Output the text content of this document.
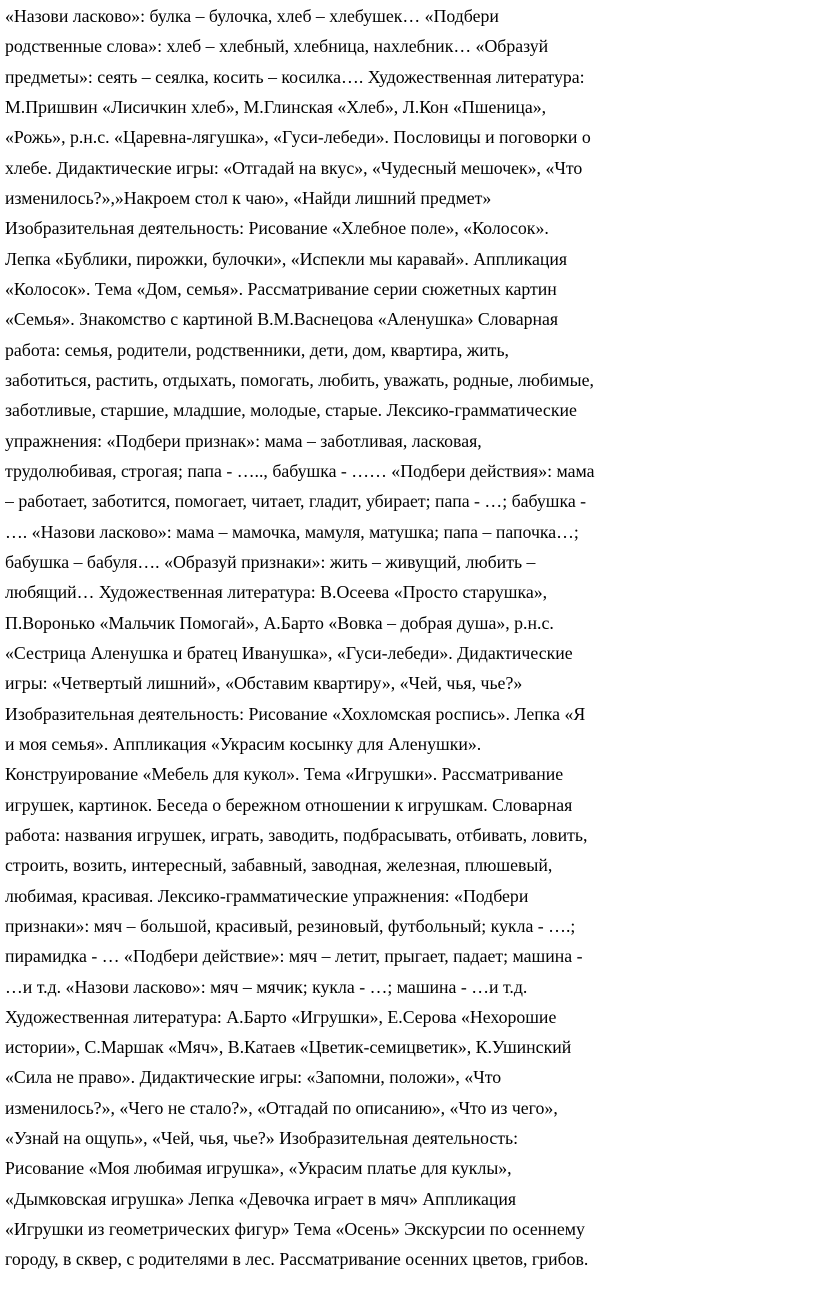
«Назови ласково»: булка – булочка, хлеб – хлебушек… «Подбери
родственные слова»: хлеб – хлебный, хлебница, нахлебник… «Образуй
предметы»: сеять – сеялка, косить – косилка…. Художественная литература:
М.Пришвин «Лисичкин хлеб», М.Глинская «Хлеб», Л.Кон «Пшеница»,
«Рожь», р.н.с. «Царевна-лягушка», «Гуси-лебеди». Пословицы и поговорки о
хлебе. Дидактические игры: «Отгадай на вкус», «Чудесный мешочек», «Что
изменилось?»,»Накроем стол к чаю», «Найди лишний предмет»
Изобразительная деятельность: Рисование «Хлебное поле», «Колосок».
Лепка «Бублики, пирожки, булочки», «Испекли мы каравай». Аппликация
«Колосок». Тема «Дом, семья». Рассматривание серии сюжетных картин
«Семья». Знакомство с картиной В.М.Васнецова «Аленушка» Словарная
работа: семья, родители, родственники, дети, дом, квартира, жить,
заботиться, растить, отдыхать, помогать, любить, уважать, родные, любимые,
заботливые, старшие, младшие, молодые, старые. Лексико-грамматические
упражнения: «Подбери признак»: мама – заботливая, ласковая,
трудолюбивая, строгая; папа - ….., бабушка - …… «Подбери действия»: мама
– работает, заботится, помогает, читает, гладит, убирает; папа - …; бабушка -
…. «Назови ласково»: мама – мамочка, мамуля, матушка; папа – папочка…;
бабушка – бабуля…. «Образуй признаки»: жить – живущий, любить –
любящий… Художественная литература: В.Осеева «Просто старушка»,
П.Воронько «Мальчик Помогай», А.Барто «Вовка – добрая душа», р.н.с.
«Сестрица Аленушка и братец Иванушка», «Гуси-лебеди». Дидактические
игры: «Четвертый лишний», «Обставим квартиру», «Чей, чья, чье?»
Изобразительная деятельность: Рисование «Хохломская роспись». Лепка «Я
и моя семья». Аппликация «Украсим косынку для Аленушки».
Конструирование «Мебель для кукол». Тема «Игрушки». Рассматривание
игрушек, картинок. Беседа о бережном отношении к игрушкам. Словарная
работа: названия игрушек, играть, заводить, подбрасывать, отбивать, ловить,
строить, возить, интересный, забавный, заводная, железная, плюшевый,
любимая, красивая. Лексико-грамматические упражнения: «Подбери
признаки»: мяч – большой, красивый, резиновый, футбольный; кукла - ….;
пирамидка - … «Подбери действие»: мяч – летит, прыгает, падает; машина -
…и т.д. «Назови ласково»: мяч – мячик; кукла - …; машина - …и т.д.
Художественная литература: А.Барто «Игрушки», Е.Серова «Нехорошие
истории», С.Маршак «Мяч», В.Катаев «Цветик-семицветик», К.Ушинский
«Сила не право». Дидактические игры: «Запомни, положи», «Что
изменилось?», «Чего не стало?», «Отгадай по описанию», «Что из чего»,
«Узнай на ощупь», «Чей, чья, чье?» Изобразительная деятельность:
Рисование «Моя любимая игрушка», «Украсим платье для куклы»,
«Дымковская игрушка» Лепка «Девочка играет в мяч» Аппликация
«Игрушки из геометрических фигур» Тема «Осень» Экскурсии по осеннему
городу, в сквер, с родителями в лес. Рассматривание осенних цветов, грибов.
